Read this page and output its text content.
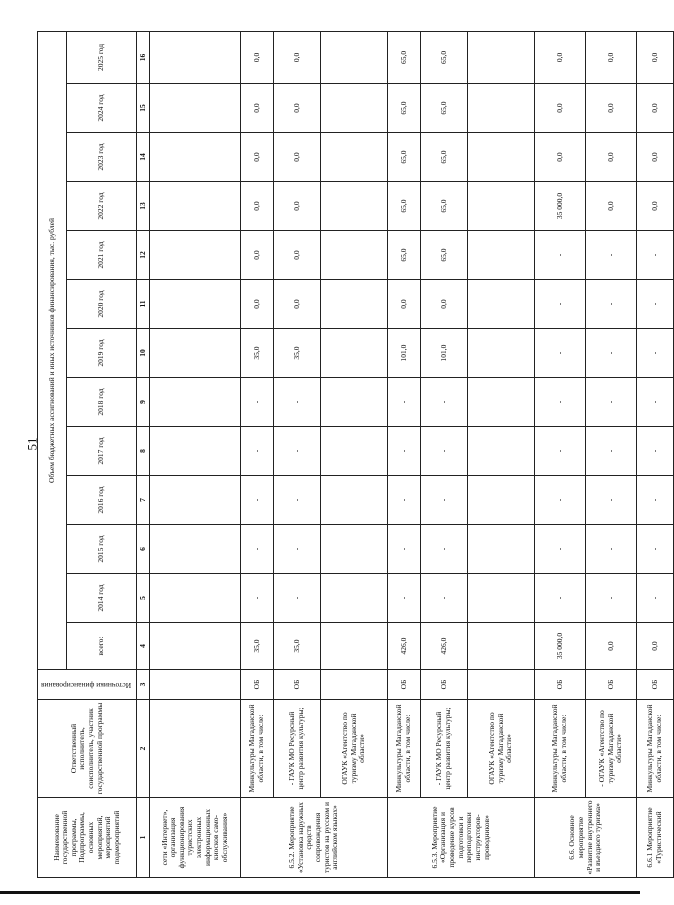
51
Наименование государственной программы, Подпрограммы, основных мероприятий, мероприятий подмероприятий	Ответственный исполнитель, соисполнитель, участник государственной программы	Источники финансирования	Объем бюджетных ассигнований и иных источников финансирования, тыс. рублей												
			всего:	2014 год	2015 год	2016 год	2017 год	2018 год	2019 год	2020 год	2021 год	2022 год	2023 год	2024 год	2025 год
1	2	3	4	5	6	7	8	9	10	11	12	13	14	15	16
сети «Интернет», организация функционирования туристских электронных информационных киосков само-обслуживания»															
6.5.2. Мероприятие «Установка наружных средств сопровождения туристов на русском и английском языках»	Минкультуры Магаданской области, в том числе:	ОБ	35,0	-	-	-	-	-	35,0	0,0	0,0	0,0	0,0	0,0	0,0
	- ГАУК МО Ресурсный центр развития культуры;	ОБ	35,0	-	-	-	-	-	35,0	0,0	0,0	0,0	0,0	0,0	0,0
	ОГАУК «Агентство по туризму Магаданской области»														
6.5.3. Мероприятие «Организация и проведение курсов подготовки и переподготовки инструкторов-проводников»	Минкультуры Магаданской области, в том числе:	ОБ	426,0	-	-	-	-	-	101,0	0,0	65,0	65,0	65,0	65,0	65,0
	- ГАУК МО Ресурсный центр развития культуры;	ОБ	426,0	-	-	-	-	-	101,0	0,0	65,0	65,0	65,0	65,0	65,0
	ОГАУК «Агентство по туризму Магаданской области»														
6.6. Основное мероприятие «Развитие внутреннего и въездного туризма»	Минкультуры Магаданской области, в том числе:	ОБ	35 000,0	-	-	-	-	-	-	-	-	35 000,0	0,0	0,0	0,0
	- ОГАУК «Агентство по туризму Магаданской области»	ОБ	0,0	-	-	-	-	-	-	-	-	0,0	0,0	0,0	0,0
6.6.1 Мероприятие «Туристический	Минкультуры Магаданской области, в том числе:	ОБ	0,0	-	-	-	-	-	-	-	-	0,0	0,0	0,0	0,0
